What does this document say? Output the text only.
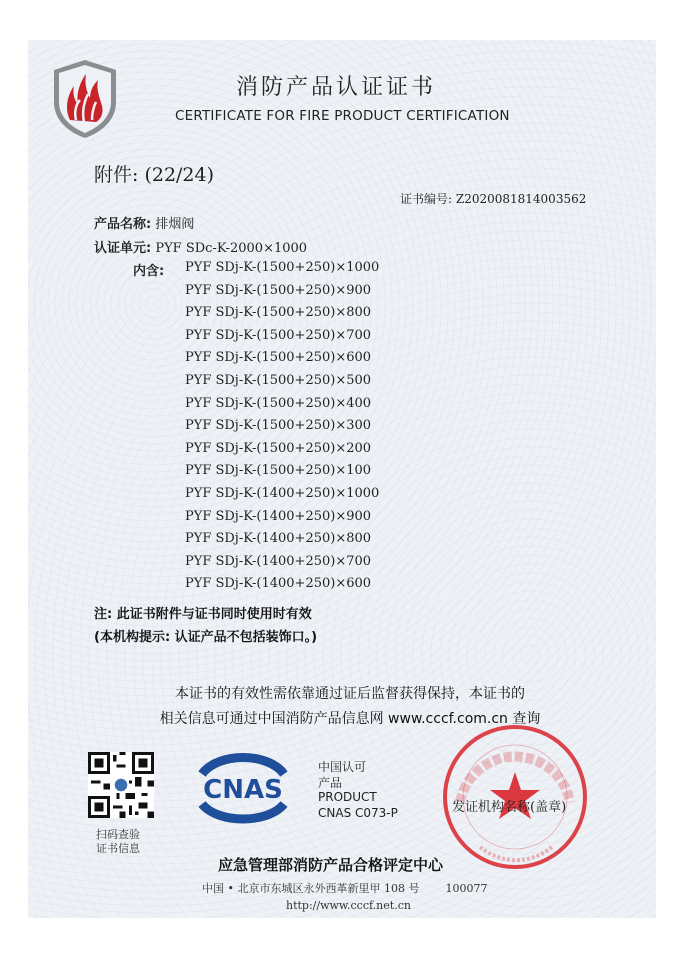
消防产品认证证书
CERTIFICATE FOR FIRE PRODUCT CERTIFICATION
附件: (22/24)
证书编号: Z2020081814003562
产品名称: 排烟阀
认证单元: PYF SDc-K-2000×1000
内含: PYF SDj-K-(1500+250)×1000
PYF SDj-K-(1500+250)×900
PYF SDj-K-(1500+250)×800
PYF SDj-K-(1500+250)×700
PYF SDj-K-(1500+250)×600
PYF SDj-K-(1500+250)×500
PYF SDj-K-(1500+250)×400
PYF SDj-K-(1500+250)×300
PYF SDj-K-(1500+250)×200
PYF SDj-K-(1500+250)×100
PYF SDj-K-(1400+250)×1000
PYF SDj-K-(1400+250)×900
PYF SDj-K-(1400+250)×800
PYF SDj-K-(1400+250)×700
PYF SDj-K-(1400+250)×600
注: 此证书附件与证书同时使用时有效
(本机构提示: 认证产品不包括装饰口。)
本证书的有效性需依靠通过证后监督获得保持，本证书的
相关信息可通过中国消防产品信息网 www.cccf.com.cn 查询
扫码查验
证书信息
CNAS
中国认可
产品
PRODUCT
CNAS C073-P	发证机构名称(盖章)
应急管理部消防产品合格评定中心
中国 • 北京市东城区永外西革新里甲 108 号 100077
http://www.cccf.net.cn
